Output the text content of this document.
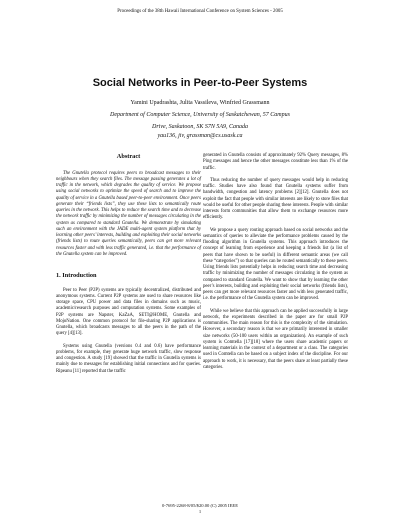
Proceedings of the 38th Hawaii International Conference on System Sciences - 2005
Social Networks in Peer-to-Peer Systems
Yamini Upadrashta, Julita Vassileva, Winfried Grassmann
Department of Computer Science, University of Saskatchewan, 57 Campus
Drive, Saskatoon, SK S7N 5A9, Canada
yau136, jiv, grassman@cs.usask.ca
Abstract

The Gnutella protocol requires peers to broadcast messages to their neighbours when they search files. The message passing generates a lot of traffic in the network, which degrades the quality of service. We propose using social networks to optimize the speed of search and to improve the quality of service in a Gnutella based peer-to-peer environment. Once peers generate their “friends lists”, they use these lists to semantically route queries in the network. This helps to reduce the search time and to decrease the network traffic by minimizing the number of messages circulating in the system as compared to standard Gnutella. We demonstrate by simulating such an environment with the JADE multi-agent system platform that by learning other peers’ interests, building and exploiting their social networks (friends lists) to route queries semantically, peers can get more relevant resources faster and with less traffic generated, i.e. that the performance of the Gnutella system can be improved.

1. Introduction

Peer to Peer (P2P) systems are typically decentralized, distributed and anonymous systems. Current P2P systems are used to share resources like storage space, CPU power and data files in domains such as music, academic/research purposes and computation systems. Some examples of P2P systems are Napster, KaZaA, SETI@HOME, Gnutella and MojoNation. One common protocol for file-sharing P2P applications is Gnutella, which broadcasts messages to all the peers in the path of the query [4][13].

Systems using Gnutella (versions 0.4 and 0.6) have performance problems, for example, they generate huge network traffic, slow response and congestion. A study [19] showed that the traffic in Gnutella systems is mainly due to messages for establishing initial connections and for queries. Ripeanu [11] reported that the traffic

generated in Gnutella consists of approximately 92% Query messages, 8% Ping messages and hence the other messages constitute less than 1% of the traffic.

Thus reducing the number of query messages would help in reducing traffic. Studies have also found that Gnutella systems suffer from bandwidth, congestion and latency problems [2][12]. Gnutella does not exploit the fact that people with similar interests are likely to store files that would be useful for other people sharing these interests. People with similar interests form communities that allow them to exchange resources more efficiently.

We propose a query routing approach based on social networks and the semantics of queries to alleviate the performance problems caused by the flooding algorithm in Gnutella systems. This approach introduces the concept of learning from experience and keeping a friends list (a list of peers that have shown to be useful) in different semantic areas (we call these “categories”) so that queries can be routed semantically to these peers. Using friends lists potentially helps in reducing search time and decreasing traffic by minimizing the number of messages circulating in the system as compared to standard Gnutella. We want to show that by learning the other peer’s interests, building and exploiting their social networks (friends lists), peers can get more relevant resources faster and with less generated traffic, i.e. the performance of the Gnutella system can be improved.

While we believe that this approach can be applied successfully in large network, the experiments described in the paper are for small P2P communities. The main reason for this is the complexity of the simulation. However, a secondary reason is that we are primarily interested in smaller size networks (50-100 users within an organization). An example of such system is Comtella [17][18] where the users share academic papers or learning materials in the context of a department or a class. The categories used in Comtella can be based on a subject index of the discipline. For our approach to work, it is necessary, that the peers share at least partially these categories.

0-7695-2268-8/05/$20.00 (C) 2005 IEEE
1
